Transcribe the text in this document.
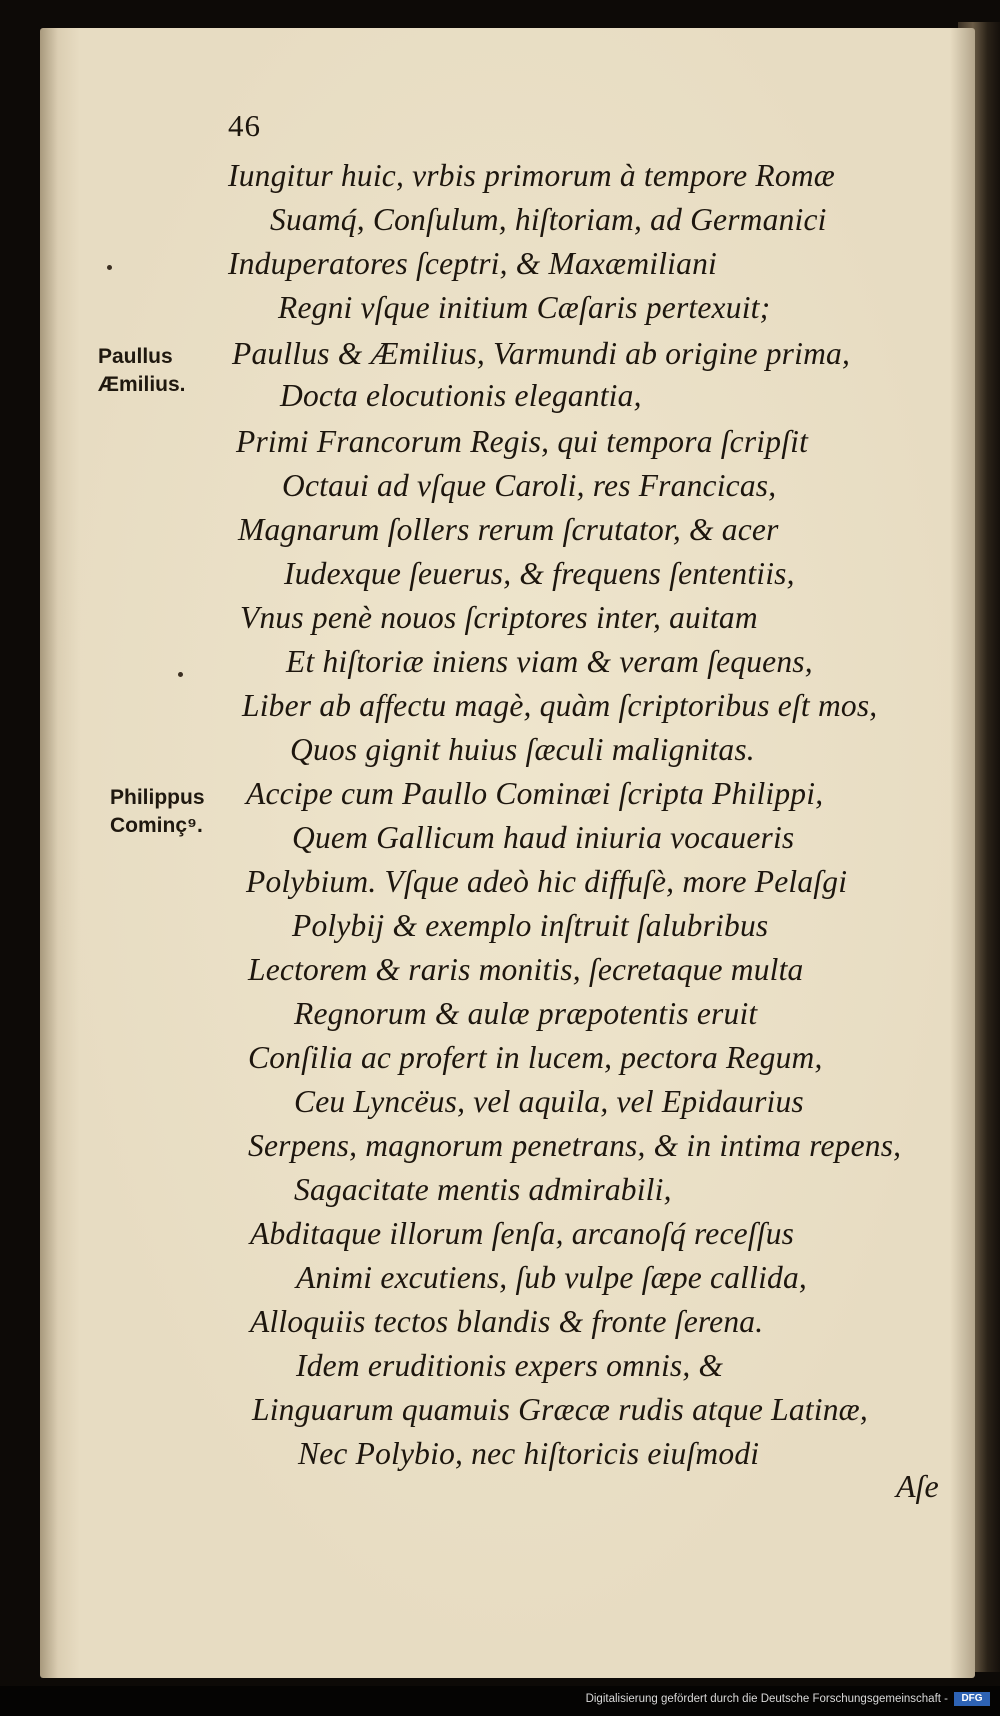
46
Iungitur huic, vrbis primorum à tempore Romæ
Suamq́, Conſulum, hiſtoriam, ad Germanici
Induperatores ſceptri, & Maxæmiliani
Regni vſque initium Cæſaris pertexuit;
Paullus & Æmilius, Varmundi ab origine prima,
Docta elocutionis elegantia,
Primi Francorum Regis, qui tempora ſcripſit
Octaui ad vſque Caroli, res Francicas,
Magnarum ſollers rerum ſcrutator, & acer
Iudexque ſeuerus, & frequens ſententiis,
Vnus penè nouos ſcriptores inter, auitam
Et hiſtoriæ iniens viam & veram ſequens,
Liber ab affectu magè, quàm ſcriptoribus eſt mos,
Quos gignit huius ſæculi malignitas.
Accipe cum Paullo Cominæi ſcripta Philippi,
Quem Gallicum haud iniuria vocaueris
Polybium. Vſque adeò hic diffuſè, more Pelaſgi
Polybij & exemplo inſtruit ſalubribus
Lectorem & raris monitis, ſecretaque multa
Regnorum & aulæ præpotentis eruit
Conſilia ac profert in lucem, pectora Regum,
Ceu Lyncëus, vel aquila, vel Epidaurius
Serpens, magnorum penetrans, & in intima repens,
Sagacitate mentis admirabili,
Abditaque illorum ſenſa, arcanoſq́ receſſus
Animi excutiens, ſub vulpe ſæpe callida,
Alloquiis tectos blandis & fronte ſerena.
Idem eruditionis expers omnis, &
Linguarum quamuis Græcæ rudis atque Latinæ,
Nec Polybio, nec hiſtoricis eiuſmodi
Paullus
Æmilius.
Philippus
Cominç⁹.
Aſe
Digitalisierung gefördert durch die Deutsche Forschungsgemeinschaft -	DFG
